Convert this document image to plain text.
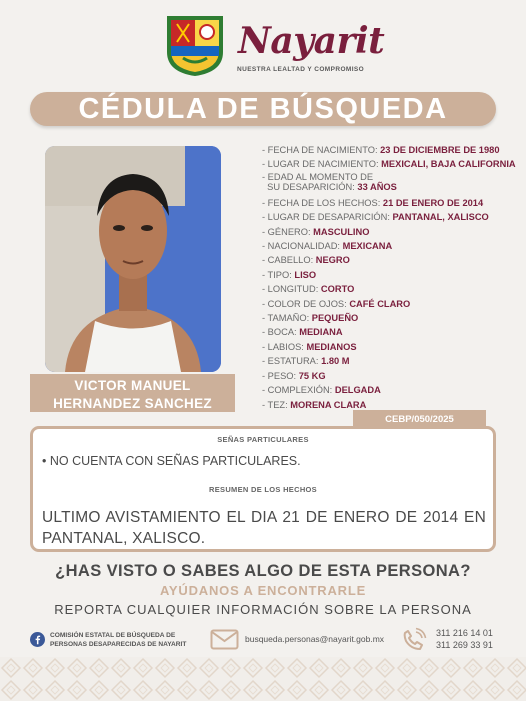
Nayarit
NUESTRA LEALTAD Y COMPROMISO
CÉDULA DE BÚSQUEDA
VICTOR MANUEL
HERNANDEZ SANCHEZ
- FECHA DE NACIMIENTO: 23 DE DICIEMBRE DE 1980
- LUGAR DE NACIMIENTO: MEXICALI, BAJA CALIFORNIA
- EDAD AL MOMENTO DE
SU DESAPARICIÓN: 33 AÑOS
- FECHA DE LOS HECHOS: 21 DE ENERO DE 2014
- LUGAR DE DESAPARICIÓN: PANTANAL, XALISCO
- GÉNERO: MASCULINO
- NACIONALIDAD: MEXICANA
- CABELLO: NEGRO
- TIPO: LISO
- LONGITUD: CORTO
- COLOR DE OJOS: CAFÉ CLARO
- TAMAÑO: PEQUEÑO
- BOCA: MEDIANA
- LABIOS: MEDIANOS
- ESTATURA: 1.80 M
- PESO: 75 KG
- COMPLEXIÓN: DELGADA
- TEZ: MORENA CLARA
CEBP/050/2025
SEÑAS PARTICULARES
• NO CUENTA CON SEÑAS PARTICULARES.
RESUMEN DE LOS HECHOS
ULTIMO AVISTAMIENTO EL DIA 21 DE ENERO DE 2014 EN PANTANAL, XALISCO.
¿HAS VISTO O SABES ALGO DE ESTA PERSONA?
AYÚDANOS A ENCONTRARLE
REPORTA CUALQUIER INFORMACIÓN SOBRE LA PERSONA
COMISIÓN ESTATAL DE BÚSQUEDA DE
PERSONAS DESAPARECIDAS DE NAYARIT
busqueda.personas@nayarit.gob.mx
311 216 14 01
311 269 33 91
